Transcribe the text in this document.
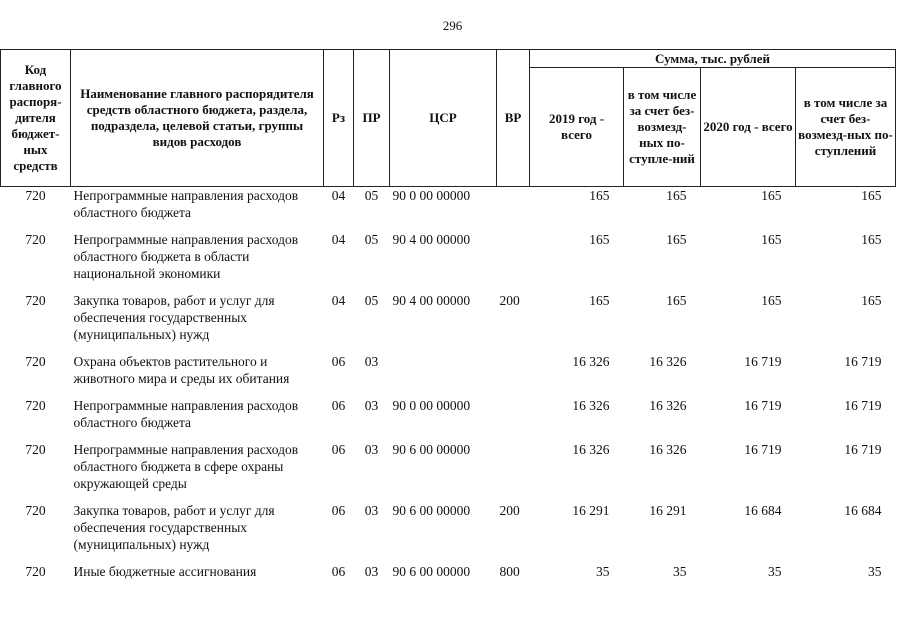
296
Код главного распоря-дителя бюджет-ных средств	Наименование главного распорядителя средств областного бюджета, раздела, подраздела, целевой статьи, группы видов расходов	Рз	ПР	ЦСР	ВР	Сумма, тыс. рублей			
						2019 год - всего	в том числе за счет без-возмезд-ных по-ступле-ний	2020 год - всего	в том числе за счет без-возмезд-ных по-ступлений
720	Непрограммные направления расходов областного бюджета	04	05	90 0 00 00000		165	165	165	165
720	Непрограммные направления расходов областного бюджета в области национальной экономики	04	05	90 4 00 00000		165	165	165	165
720	Закупка товаров, работ и услуг для обеспечения государственных (муниципальных) нужд	04	05	90 4 00 00000	200	165	165	165	165
720	Охрана объектов растительного и животного мира и среды их обитания	06	03			16 326	16 326	16 719	16 719
720	Непрограммные направления расходов областного бюджета	06	03	90 0 00 00000		16 326	16 326	16 719	16 719
720	Непрограммные направления расходов областного бюджета в сфере охраны окружающей среды	06	03	90 6 00 00000		16 326	16 326	16 719	16 719
720	Закупка товаров, работ и услуг для обеспечения государственных (муниципальных) нужд	06	03	90 6 00 00000	200	16 291	16 291	16 684	16 684
720	Иные бюджетные ассигнования	06	03	90 6 00 00000	800	35	35	35	35
